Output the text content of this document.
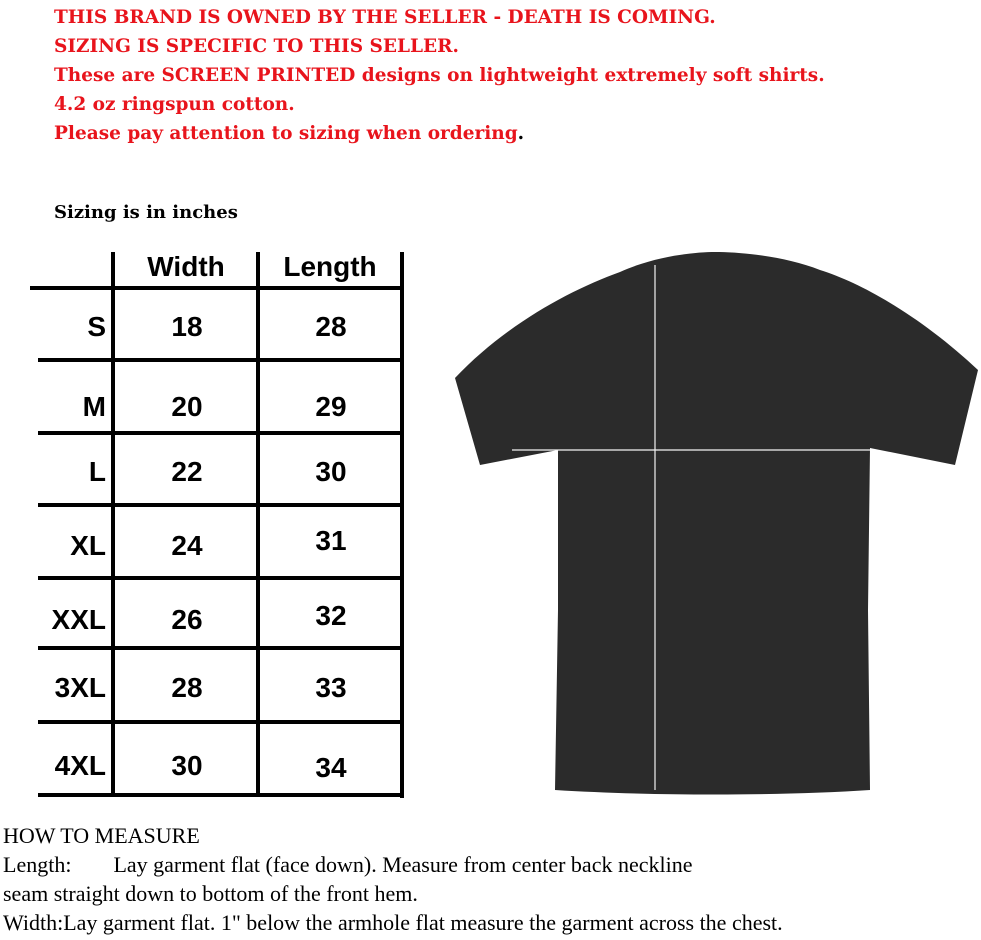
THIS BRAND IS OWNED BY THE SELLER - DEATH IS COMING.
SIZING IS SPECIFIC TO THIS SELLER.
These are SCREEN PRINTED designs on lightweight extremely soft shirts.
4.2 oz ringspun cotton.
Please pay attention to sizing when ordering.
Sizing is in inches
Width Length
S 18	28
M 20	29
L 22	30
XL 24	31
XXL 26	32
3XL 28	33
4XL 30	34
HOW TO MEASURE
Length: Lay garment flat (face down). Measure from center back neckline
seam straight down to bottom of the front hem.
Width:Lay garment flat. 1" below the armhole flat measure the garment across the chest.
